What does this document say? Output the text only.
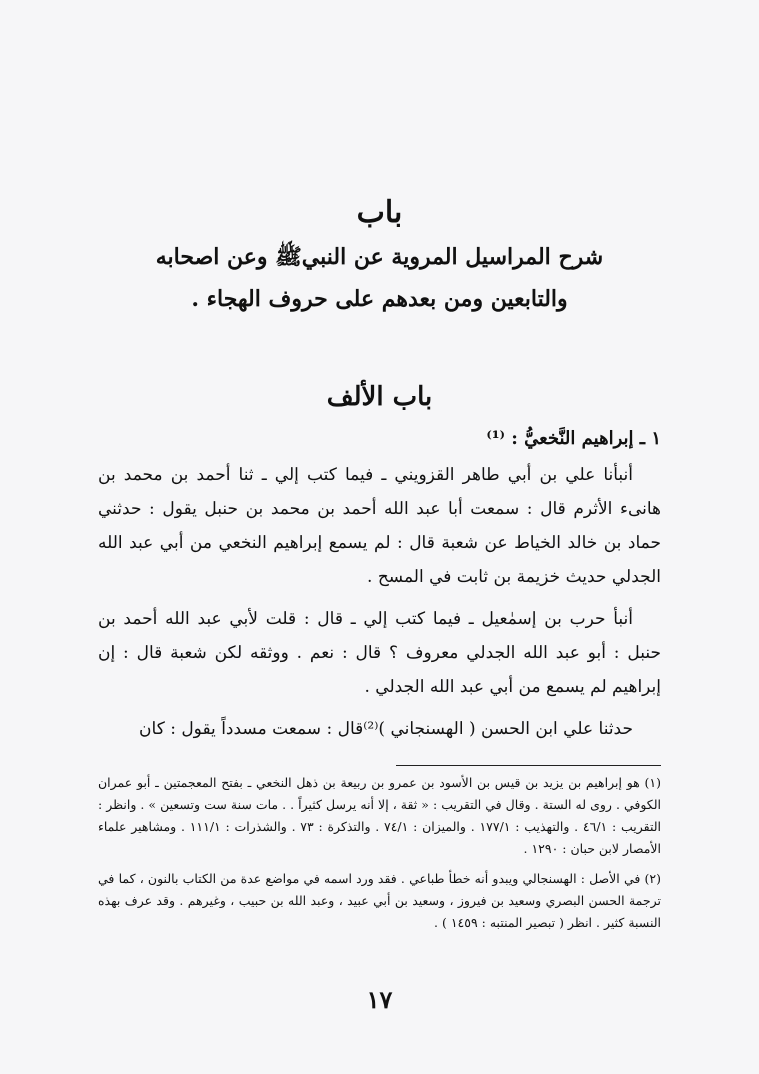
باب
شرح المراسيل المروية عن النبيﷺ وعن اصحابه والتابعين ومن بعدهم على حروف الهجاء .
باب الألف
١ ـ إبراهيم النَّخعيُّ : ⁽¹⁾

أنبأنا علي بن أبي طاهر القزويني ـ فيما كتب إلي ـ ثنا أحمد بن محمد بن هانىء الأثرم قال : سمعت أبا عبد الله أحمد بن محمد بن حنبل يقول : حدثني حماد بن خالد الخياط عن شعبة قال : لم يسمع إبراهيم النخعي من أبي عبد الله الجدلي حديث خزيمة بن ثابت في المسح .

أنبأ حرب بن إسمٰعيل ـ فيما كتب إلي ـ قال : قلت لأبي عبد الله أحمد بن حنبل : أبو عبد الله الجدلي معروف ؟ قال : نعم . ووثقه لكن شعبة قال : إن إبراهيم لم يسمع من أبي عبد الله الجدلي .

حدثنا علي ابن الحسن ( الهسنجاني )⁽²⁾قال : سمعت مسدداً يقول : كان

(١) هو إبراهيم بن يزيد بن قيس بن الأسود بن عمرو بن ربيعة بن ذهل النخعي ـ بفتح المعجمتين ـ أبو عمران الكوفي . روى له الستة . وقال في التقريب : « ثقة ، إلا أنه يرسل كثيراً . . مات سنة ست وتسعين » . وانظر : التقريب : ٤٦/١ . والتهذيب : ١٧٧/١ . والميزان : ٧٤/١ . والتذكرة : ٧٣ . والشذرات : ١١١/١ . ومشاهير علماء الأمصار لابن حبان : ١٢٩٠ .

(٢) في الأصل : الهسنجالي ويبدو أنه خطأ طباعي . فقد ورد اسمه في مواضع عدة من الكتاب بالنون ، كما في ترجمة الحسن البصري وسعيد بن فيروز ، وسعيد بن أبي عبيد ، وعبد الله بن حبيب ، وغيرهم . وقد عرف بهذه النسبة كثير . انظر ( تبصير المنتبه : ١٤٥٩ ) .

١٧
